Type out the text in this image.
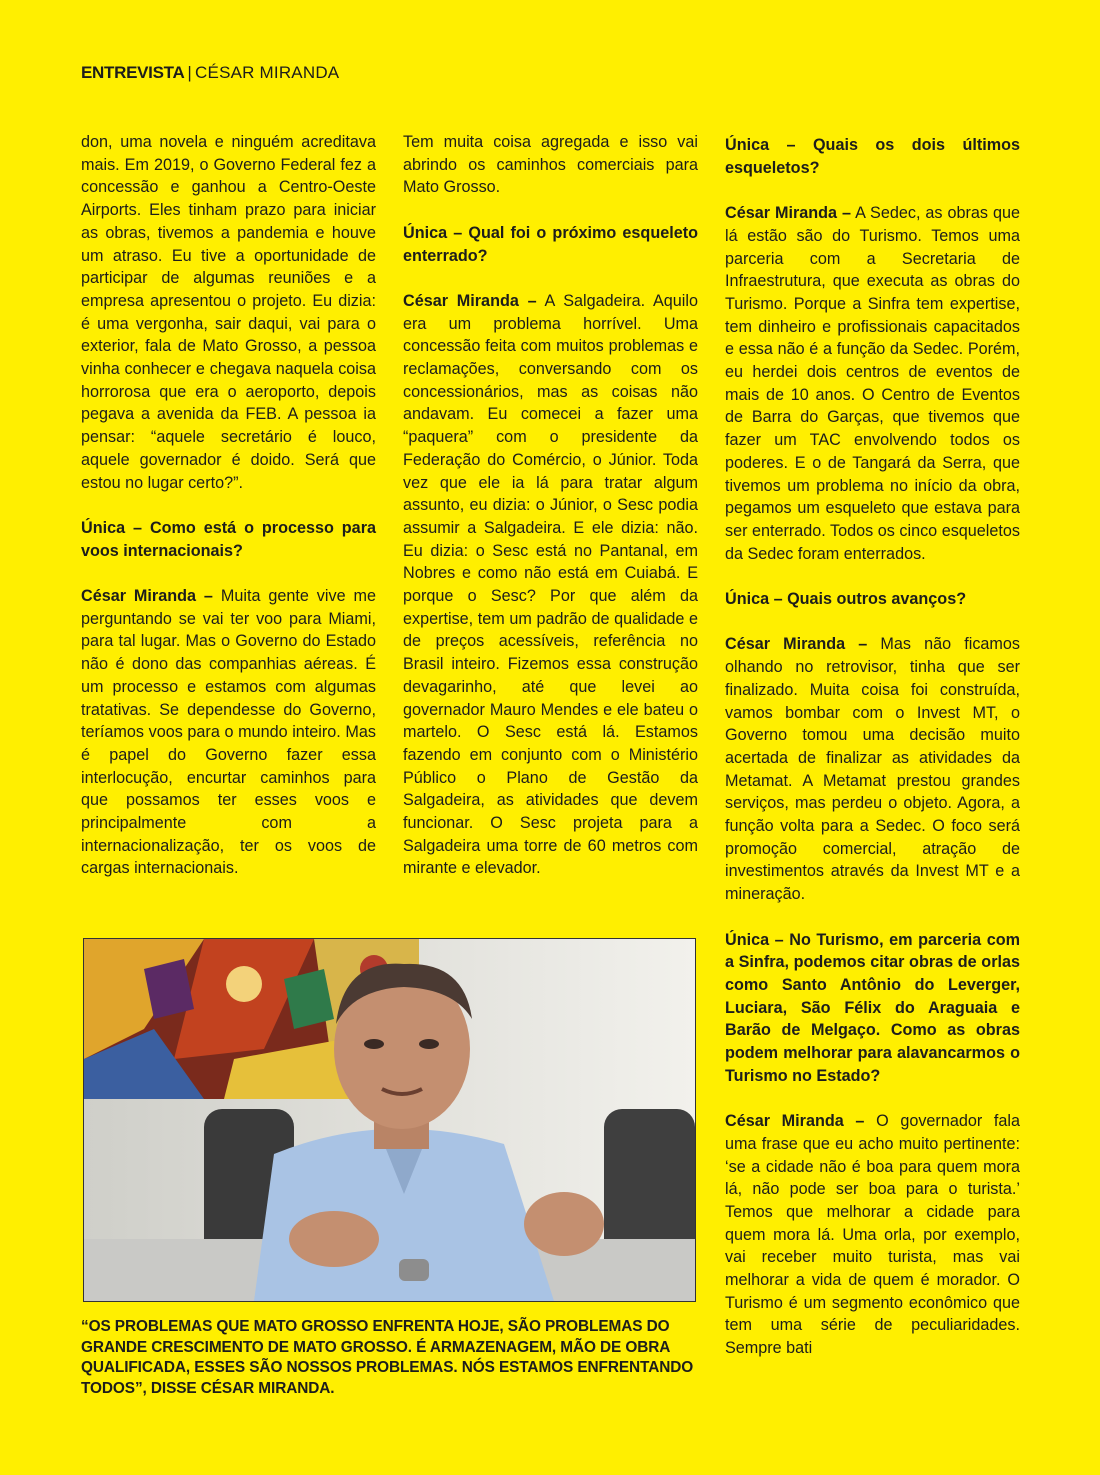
ENTREVISTA | CÉSAR MIRANDA

don, uma novela e ninguém acreditava mais. Em 2019, o Governo Federal fez a concessão e ganhou a Centro-Oeste Airports. Eles tinham prazo para iniciar as obras, tivemos a pandemia e houve um atraso. Eu tive a oportunidade de participar de algumas reuniões e a empresa apresentou o projeto. Eu dizia: é uma vergonha, sair daqui, vai para o exterior, fala de Mato Grosso, a pessoa vinha conhecer e chegava naquela coisa horrorosa que era o aeroporto, depois pegava a avenida da FEB. A pessoa ia pensar: “aquele secretário é louco, aquele governador é doido. Será que estou no lugar certo?”.

Única – Como está o processo para voos internacionais?

César Miranda – Muita gente vive me perguntando se vai ter voo para Miami, para tal lugar. Mas o Governo do Estado não é dono das companhias aéreas. É um processo e estamos com algumas tratativas. Se dependesse do Governo, teríamos voos para o mundo inteiro. Mas é papel do Governo fazer essa interlocução, encurtar caminhos para que possamos ter esses voos e principalmente com a internacionalização, ter os voos de cargas internacionais.

Tem muita coisa agregada e isso vai abrindo os caminhos comerciais para Mato Grosso.

Única – Qual foi o próximo esqueleto enterrado?

César Miranda – A Salgadeira. Aquilo era um problema horrível. Uma concessão feita com muitos problemas e reclamações, conversando com os concessionários, mas as coisas não andavam. Eu comecei a fazer uma “paquera” com o presidente da Federação do Comércio, o Júnior. Toda vez que ele ia lá para tratar algum assunto, eu dizia: o Júnior, o Sesc podia assumir a Salgadeira. E ele dizia: não. Eu dizia: o Sesc está no Pantanal, em Nobres e como não está em Cuiabá. E porque o Sesc? Por que além da expertise, tem um padrão de qualidade e de preços acessíveis, referência no Brasil inteiro. Fizemos essa construção devagarinho, até que levei ao governador Mauro Mendes e ele bateu o martelo. O Sesc está lá. Estamos fazendo em conjunto com o Ministério Público o Plano de Gestão da Salgadeira, as atividades que devem funcionar. O Sesc projeta para a Salgadeira uma torre de 60 metros com mirante e elevador.

Única – Quais os dois últimos esqueletos?

César Miranda – A Sedec, as obras que lá estão são do Turismo. Temos uma parceria com a Secretaria de Infraestrutura, que executa as obras do Turismo. Porque a Sinfra tem expertise, tem dinheiro e profissionais capacitados e essa não é a função da Sedec. Porém, eu herdei dois centros de eventos de mais de 10 anos. O Centro de Eventos de Barra do Garças, que tivemos que fazer um TAC envolvendo todos os poderes. E o de Tangará da Serra, que tivemos um problema no início da obra, pegamos um esqueleto que estava para ser enterrado. Todos os cinco esqueletos da Sedec foram enterrados.

Única – Quais outros avanços?

César Miranda – Mas não ficamos olhando no retrovisor, tinha que ser finalizado. Muita coisa foi construída, vamos bombar com o Invest MT, o Governo tomou uma decisão muito acertada de finalizar as atividades da Metamat. A Metamat prestou grandes serviços, mas perdeu o objeto. Agora, a função volta para a Sedec. O foco será promoção comercial, atração de investimentos através da Invest MT e a mineração.

Única – No Turismo, em parceria com a Sinfra, podemos citar obras de orlas como Santo Antônio do Leverger, Luciara, São Félix do Araguaia e Barão de Melgaço. Como as obras podem melhorar para alavancarmos o Turismo no Estado?

César Miranda – O governador fala uma frase que eu acho muito pertinente: ‘se a cidade não é boa para quem mora lá, não pode ser boa para o turista.’ Temos que melhorar a cidade para quem mora lá. Uma orla, por exemplo, vai receber muito turista, mas vai melhorar a vida de quem é morador. O Turismo é um segmento econômico que tem uma série de peculiaridades. Sempre bati

“OS PROBLEMAS QUE MATO GROSSO ENFRENTA HOJE, SÃO PROBLEMAS DO GRANDE CRESCIMENTO DE MATO GROSSO. É ARMAZENAGEM, MÃO DE OBRA QUALIFICADA, ESSES SÃO NOSSOS PROBLEMAS. NÓS ESTAMOS ENFRENTANDO TODOS”, DISSE CÉSAR MIRANDA.
